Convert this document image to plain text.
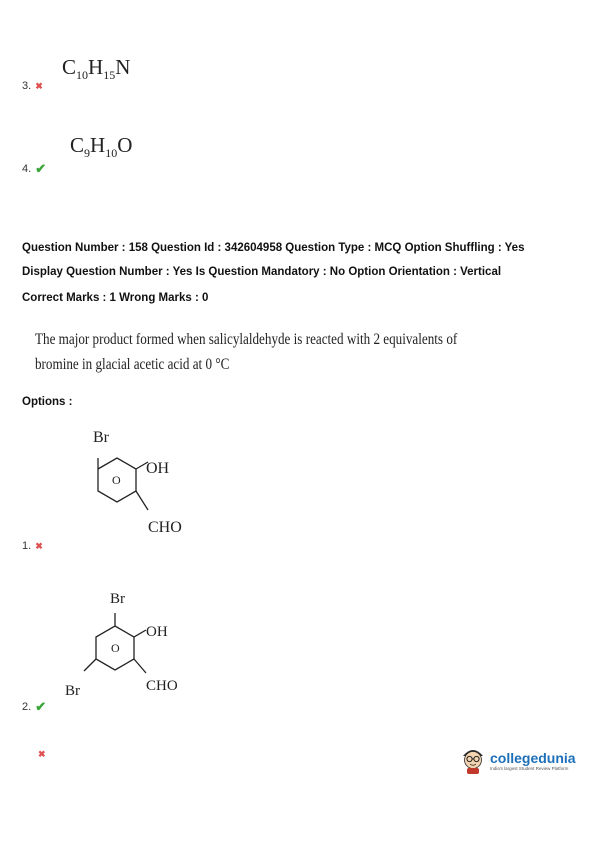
$C_{10}H_{15}N$
3. ✖
$C_9H_{10}O$
4. ✔
Question Number : 158 Question Id : 342604958 Question Type : MCQ Option Shuffling : Yes
Display Question Number : Yes Is Question Mandatory : No Option Orientation : Vertical
Correct Marks : 1 Wrong Marks : 0
The major product formed when salicylaldehyde is reacted with 2 equivalents of
bromine in glacial acetic acid at 0 °C
Options :
Br
OH
CHO
O
1. ✖
Br
OH
CHO
Br
O
2. ✔
✖	collegedunia
India's largest Student Review Platform
